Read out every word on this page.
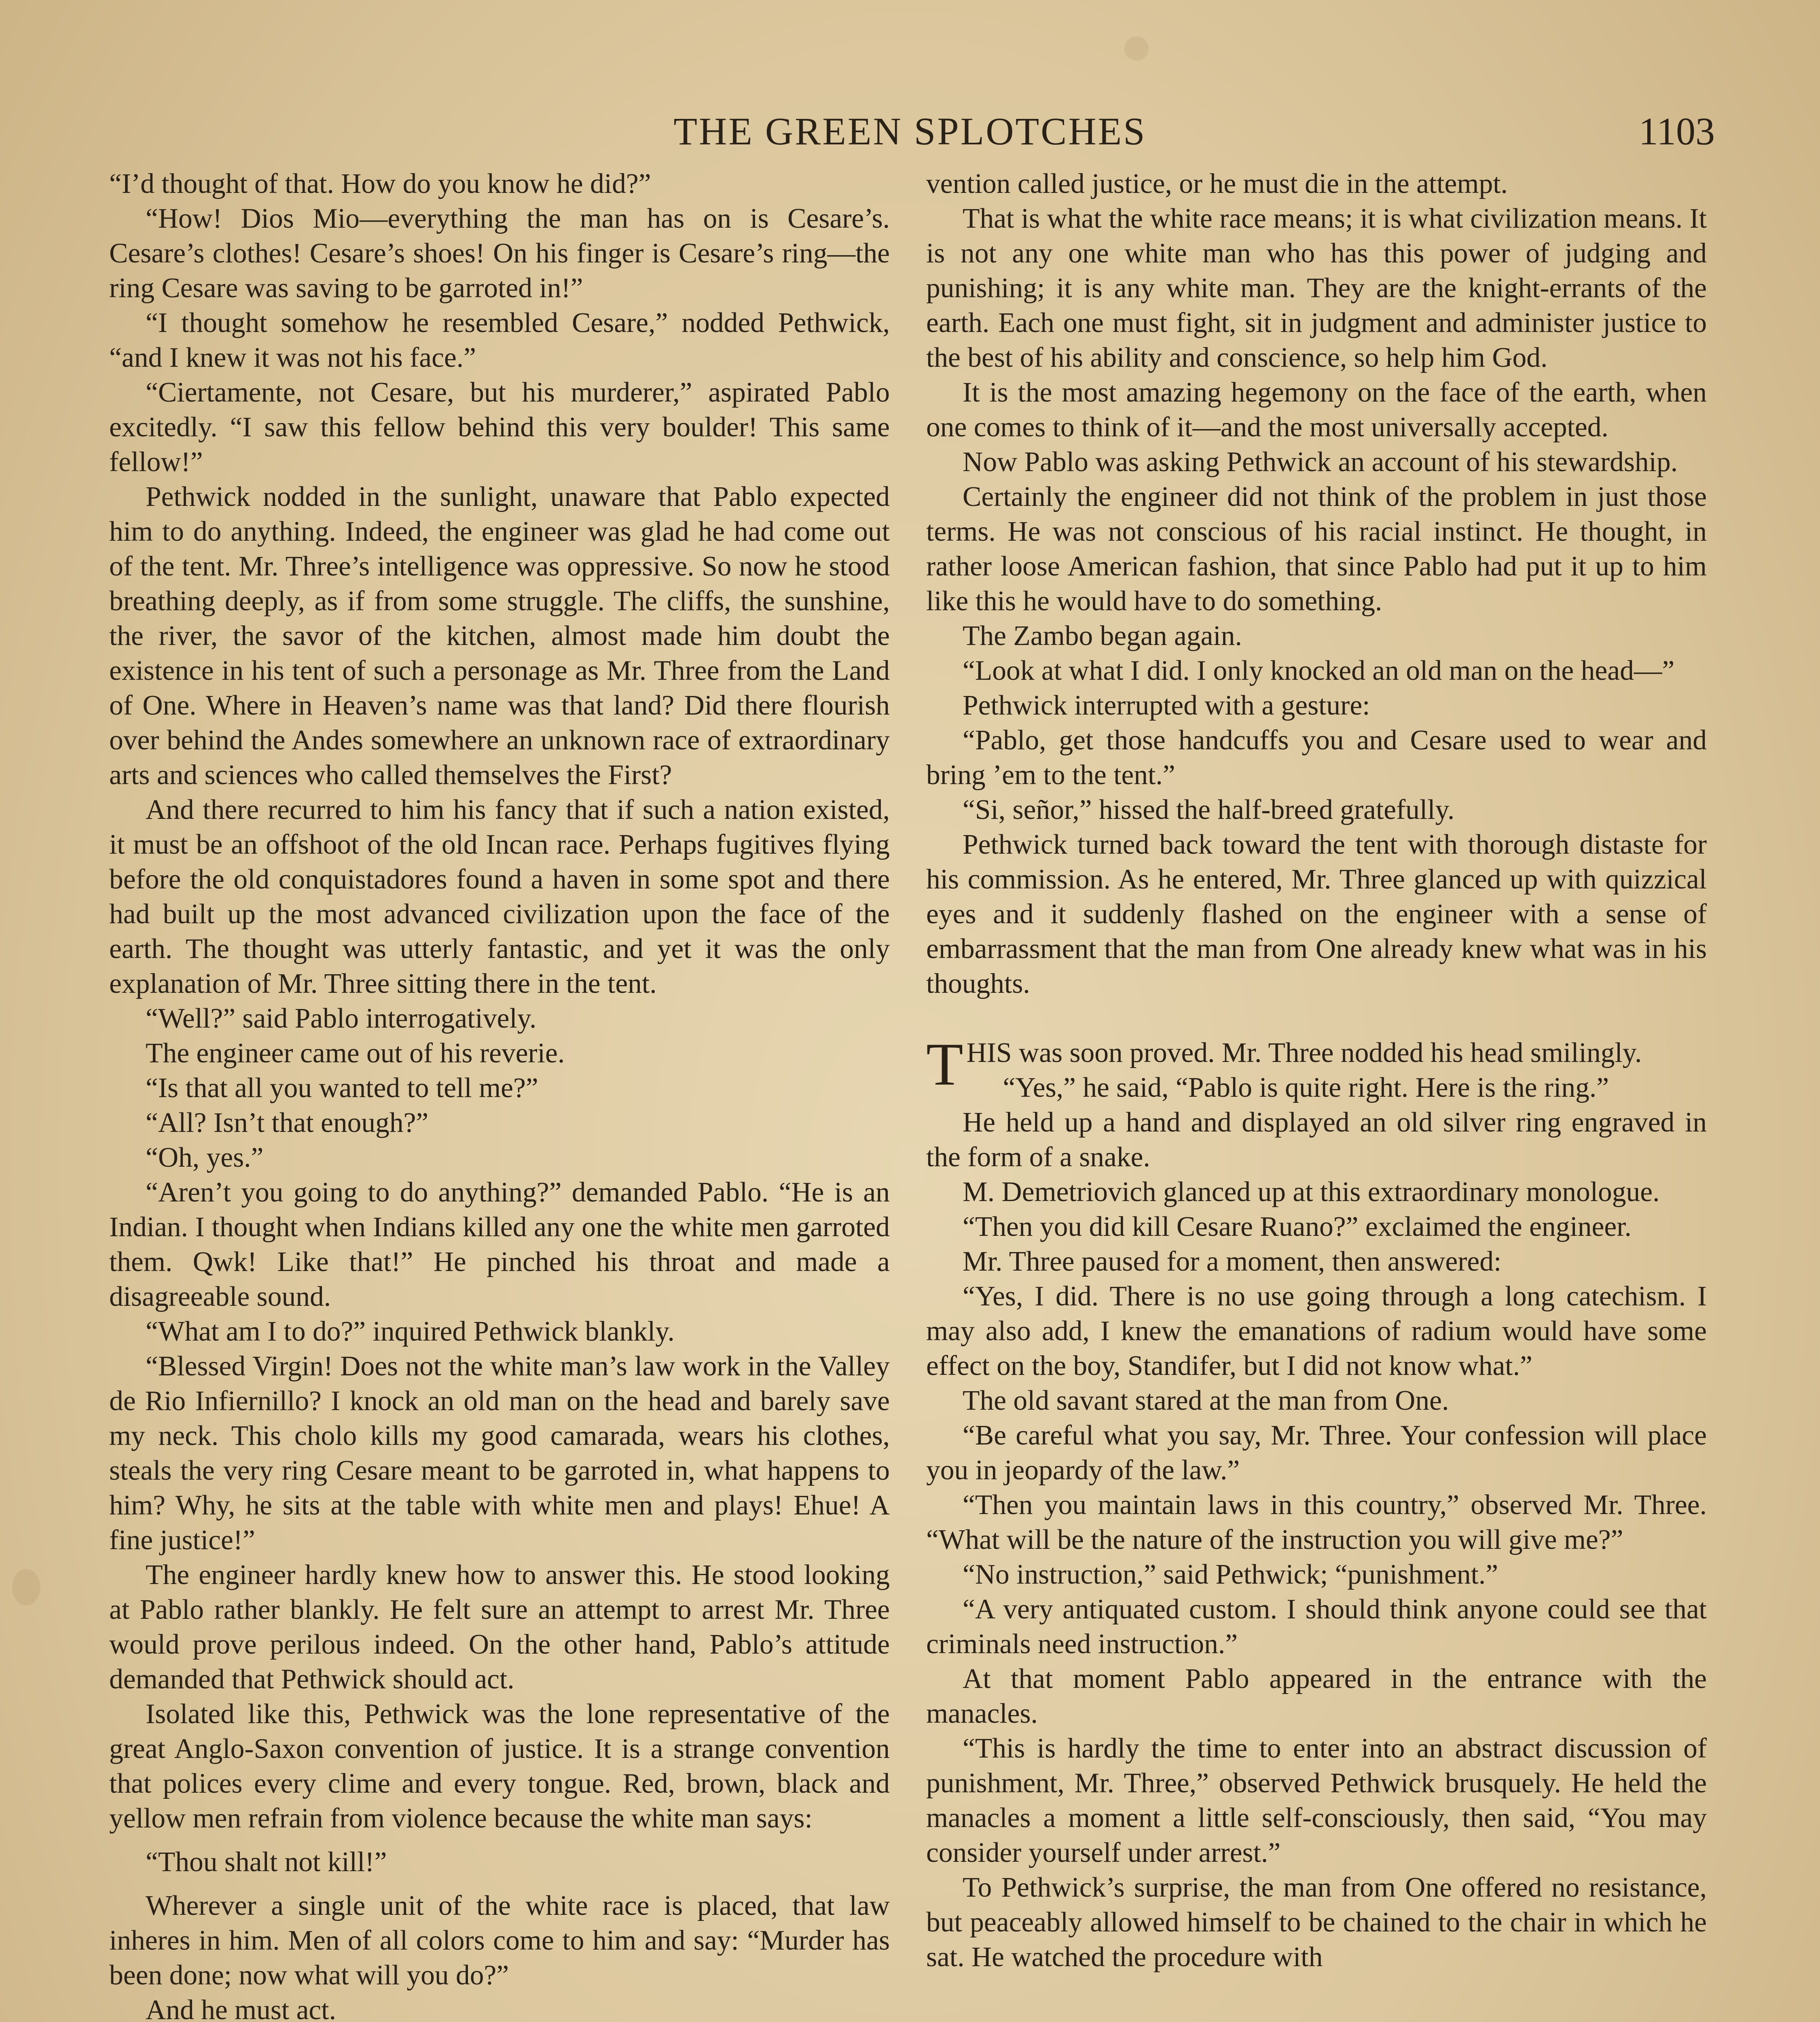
THE GREEN SPLOTCHES	1103

“I’d thought of that. How do you know he did?”

“How! Dios Mio—everything the man has on is Cesare’s. Cesare’s clothes! Cesare’s shoes! On his finger is Cesare’s ring—the ring Cesare was saving to be garroted in!”

“I thought somehow he resembled Cesare,” nodded Pethwick, “and I knew it was not his face.”

“Ciertamente, not Cesare, but his murderer,” aspirated Pablo excitedly. “I saw this fellow behind this very boulder! This same fellow!”

Pethwick nodded in the sunlight, unaware that Pablo expected him to do anything. Indeed, the engineer was glad he had come out of the tent. Mr. Three’s intelligence was oppressive. So now he stood breathing deeply, as if from some struggle. The cliffs, the sunshine, the river, the savor of the kitchen, almost made him doubt the existence in his tent of such a personage as Mr. Three from the Land of One. Where in Heaven’s name was that land? Did there flourish over behind the Andes somewhere an unknown race of extraordinary arts and sciences who called themselves the First?

And there recurred to him his fancy that if such a nation existed, it must be an offshoot of the old Incan race. Perhaps fugitives flying before the old conquistadores found a haven in some spot and there had built up the most advanced civilization upon the face of the earth. The thought was utterly fantastic, and yet it was the only explanation of Mr. Three sitting there in the tent.

“Well?” said Pablo interrogatively.

The engineer came out of his reverie.

“Is that all you wanted to tell me?”

“All? Isn’t that enough?”

“Oh, yes.”

“Aren’t you going to do anything?” demanded Pablo. “He is an Indian. I thought when Indians killed any one the white men garroted them. Qwk! Like that!” He pinched his throat and made a disagreeable sound.

“What am I to do?” inquired Pethwick blankly.

“Blessed Virgin! Does not the white man’s law work in the Valley de Rio Infiernillo? I knock an old man on the head and barely save my neck. This cholo kills my good camarada, wears his clothes, steals the very ring Cesare meant to be garroted in, what happens to him? Why, he sits at the table with white men and plays! Ehue! A fine justice!”

The engineer hardly knew how to answer this. He stood looking at Pablo rather blankly. He felt sure an attempt to arrest Mr. Three would prove perilous indeed. On the other hand, Pablo’s attitude demanded that Pethwick should act.

Isolated like this, Pethwick was the lone representative of the great Anglo-Saxon convention of justice. It is a strange convention that polices every clime and every tongue. Red, brown, black and yellow men refrain from violence because the white man says:

“Thou shalt not kill!”

Wherever a single unit of the white race is placed, that law inheres in him. Men of all colors come to him and say: “Murder has been done; now what will you do?”

And he must act.

vention called justice, or he must die in the attempt.

That is what the white race means; it is what civilization means. It is not any one white man who has this power of judging and punishing; it is any white man. They are the knight-errants of the earth. Each one must fight, sit in judgment and administer justice to the best of his ability and conscience, so help him God.

It is the most amazing hegemony on the face of the earth, when one comes to think of it—and the most universally accepted.

Now Pablo was asking Pethwick an account of his stewardship.

Certainly the engineer did not think of the problem in just those terms. He was not conscious of his racial instinct. He thought, in rather loose American fashion, that since Pablo had put it up to him like this he would have to do something.

The Zambo began again.

“Look at what I did. I only knocked an old man on the head—”

Pethwick interrupted with a gesture:

“Pablo, get those handcuffs you and Cesare used to wear and bring ’em to the tent.”

“Si, señor,” hissed the half-breed gratefully.

Pethwick turned back toward the tent with thorough distaste for his commission. As he entered, Mr. Three glanced up with quizzical eyes and it suddenly flashed on the engineer with a sense of embarrassment that the man from One already knew what was in his thoughts.

THIS was soon proved. Mr. Three nodded his head smilingly.

“Yes,” he said, “Pablo is quite right. Here is the ring.”

He held up a hand and displayed an old silver ring engraved in the form of a snake.

M. Demetriovich glanced up at this extraordinary monologue.

“Then you did kill Cesare Ruano?” exclaimed the engineer.

Mr. Three paused for a moment, then answered:

“Yes, I did. There is no use going through a long catechism. I may also add, I knew the emanations of radium would have some effect on the boy, Standifer, but I did not know what.”

The old savant stared at the man from One.

“Be careful what you say, Mr. Three. Your confession will place you in jeopardy of the law.”

“Then you maintain laws in this country,” observed Mr. Three. “What will be the nature of the instruction you will give me?”

“No instruction,” said Pethwick; “punishment.”

“A very antiquated custom. I should think anyone could see that criminals need instruction.”

At that moment Pablo appeared in the entrance with the manacles.

“This is hardly the time to enter into an abstract discussion of punishment, Mr. Three,” observed Pethwick brusquely. He held the manacles a moment a little self-consciously, then said, “You may consider yourself under arrest.”

To Pethwick’s surprise, the man from One offered no resistance, but peaceably allowed himself to be chained to the chair in which he sat. He watched the procedure with
